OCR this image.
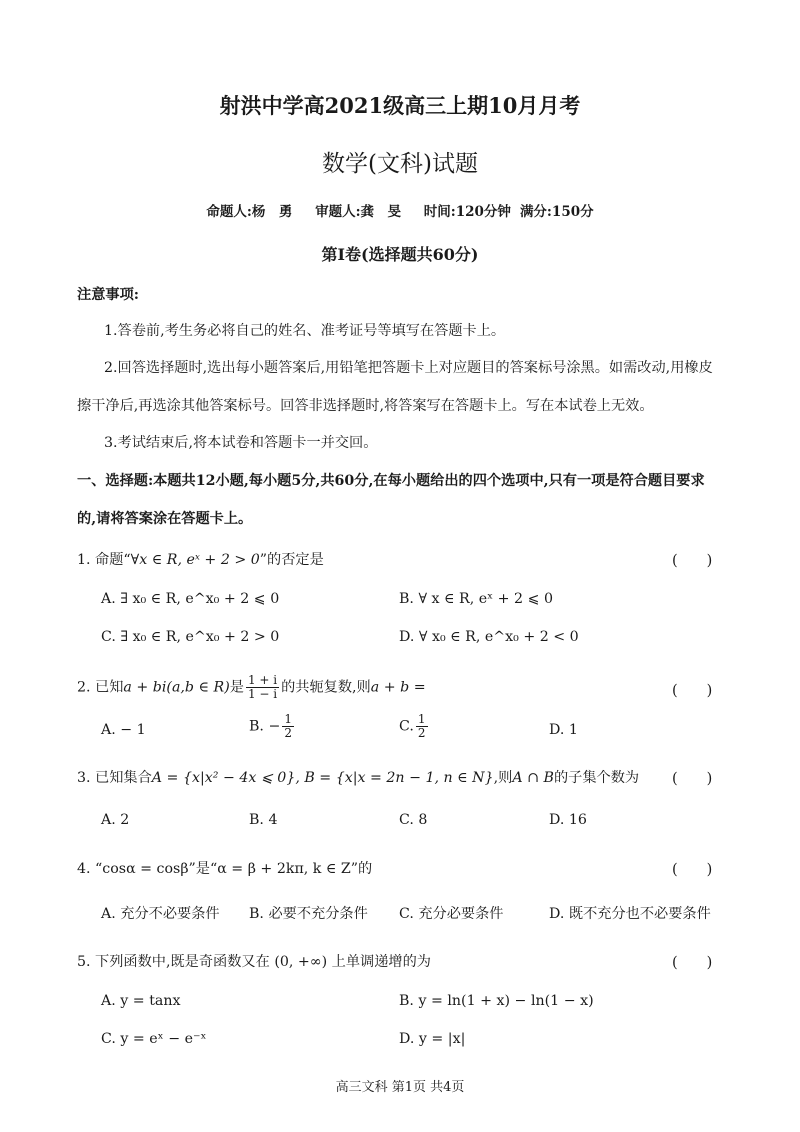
射洪中学高2021级高三上期10月月考
数学(文科)试题
命题人:杨　勇 审题人:龚　旻 时间:120分钟 满分:150分
第Ⅰ卷(选择题共60分)
注意事项:
1.答卷前,考生务必将自己的姓名、准考证号等填写在答题卡上。
2.回答选择题时,选出每小题答案后,用铅笔把答题卡上对应题目的答案标号涂黑。如需改动,用橡皮
擦干净后,再选涂其他答案标号。回答非选择题时,将答案写在答题卡上。写在本试卷上无效。
3.考试结束后,将本试卷和答题卡一并交回。
一、选择题:本题共12小题,每小题5分,共60分,在每小题给出的四个选项中,只有一项是符合题目要求
的,请将答案涂在答题卡上。
1. 命题“∀x ∈ R, eˣ + 2 > 0”的否定是	(　　)
A. ∃ x₀ ∈ R, e^x₀ + 2 ⩽ 0	B. ∀ x ∈ R, eˣ + 2 ⩽ 0
C. ∃ x₀ ∈ R, e^x₀ + 2 > 0	D. ∀ x₀ ∈ R, e^x₀ + 2 < 0
2. 已知a + bi(a,b ∈ R)是 $\frac{1 + i}{1 - i}$ 的共轭复数,则a + b =	(　　)
A. − 1	B. − $\frac{1}{2}$	C. $\frac{1}{2}$	D. 1
3. 已知集合A = {x|x² − 4x ⩽ 0}, B = {x|x = 2n − 1, n ∈ N},则A ∩ B的子集个数为 (　　)
A. 2	B. 4	C. 8	D. 16
4. “cosα = cosβ”是“α = β + 2kπ, k ∈ Z”的	(　　)
A. 充分不必要条件 B. 必要不充分条件 C. 充分必要条件	D. 既不充分也不必要条件
5. 下列函数中,既是奇函数又在 (0, +∞) 上单调递增的为	(　　)
A. y = tanx	B. y = ln(1 + x) − ln(1 − x)
C. y = eˣ − e⁻ˣ	D. y = |x|
高三文科 第1页 共4页
